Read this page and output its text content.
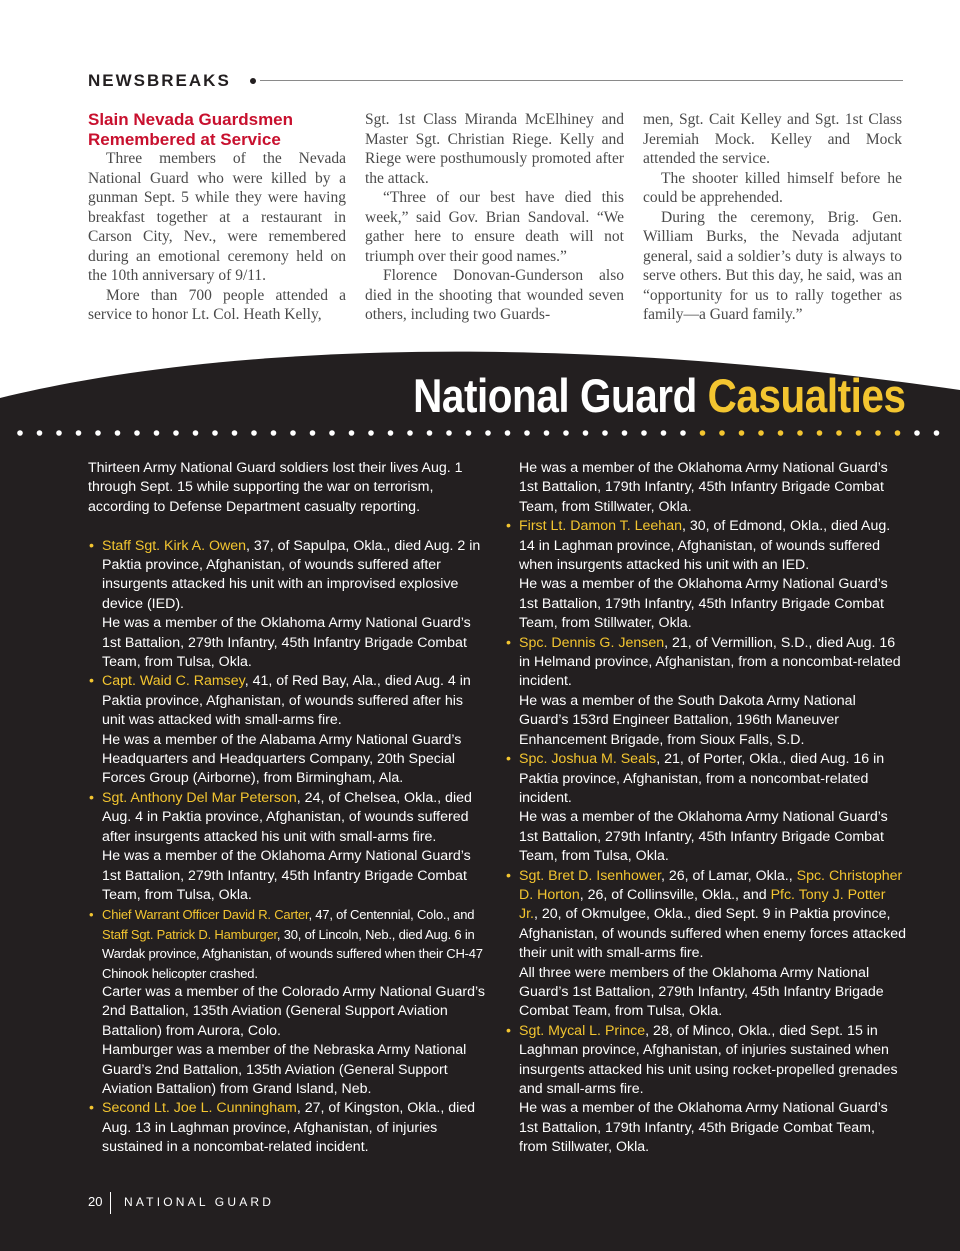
NEWSBREAKS
Slain Nevada Guardsmen
Remembered at Service

Three members of the Nevada National Guard who were killed by a gunman Sept. 5 while they were having breakfast together at a restaurant in Carson City, Nev., were remembered during an emotional ceremony held on the 10th anniversary of 9/11.

More than 700 people attended a service to honor Lt. Col. Heath Kelly,

Sgt. 1st Class Miranda McElhiney and Master Sgt. Christian Riege. Kelly and Riege were posthumously promoted after the attack.

“Three of our best have died this week,” said Gov. Brian Sandoval. “We gather here to ensure death will not triumph over their good names.”

Florence Donovan-Gunderson also died in the shooting that wounded seven others, including two Guards-

men, Sgt. Cait Kelley and Sgt. 1st Class Jeremiah Mock. Kelley and Mock attended the service.

The shooter killed himself before he could be apprehended.

During the ceremony, Brig. Gen. William Burks, the Nevada adjutant general, said a soldier’s duty is always to serve others. But this day, he said, was an “opportunity for us to rally together as family—a Guard family.”

National Guard Casualties

Thirteen Army National Guard soldiers lost their lives Aug. 1 through Sept. 15 while supporting the war on terrorism, according to Defense Department casualty reporting.

• Staff Sgt. Kirk A. Owen, 37, of Sapulpa, Okla., died Aug. 2 in Paktia province, Afghanistan, of wounds suffered after insurgents attacked his unit with an improvised explosive device (IED).

He was a member of the Oklahoma Army National Guard’s 1st Battalion, 279th Infantry, 45th Infantry Brigade Combat Team, from Tulsa, Okla.

• Capt. Waid C. Ramsey, 41, of Red Bay, Ala., died Aug. 4 in Paktia province, Afghanistan, of wounds suffered after his unit was attacked with small-arms fire.

He was a member of the Alabama Army National Guard’s Headquarters and Headquarters Company, 20th Special Forces Group (Airborne), from Birmingham, Ala.

• Sgt. Anthony Del Mar Peterson, 24, of Chelsea, Okla., died Aug. 4 in Paktia province, Afghanistan, of wounds suffered after insurgents attacked his unit with small-arms fire.

He was a member of the Oklahoma Army National Guard’s 1st Battalion, 279th Infantry, 45th Infantry Brigade Combat Team, from Tulsa, Okla.

• Chief Warrant Officer David R. Carter, 47, of Centennial, Colo., and Staff Sgt. Patrick D. Hamburger, 30, of Lincoln, Neb., died Aug. 6 in Wardak province, Afghanistan, of wounds suffered when their CH-47 Chinook helicopter crashed.

Carter was a member of the Colorado Army National Guard’s 2nd Battalion, 135th Aviation (General Support Aviation Battalion) from Aurora, Colo.

Hamburger was a member of the Nebraska Army National Guard’s 2nd Battalion, 135th Aviation (General Support Aviation Battalion) from Grand Island, Neb.

• Second Lt. Joe L. Cunningham, 27, of Kingston, Okla., died Aug. 13 in Laghman province, Afghanistan, of injuries sustained in a noncombat-related incident.

He was a member of the Oklahoma Army National Guard’s 1st Battalion, 179th Infantry, 45th Infantry Brigade Combat Team, from Stillwater, Okla.

• First Lt. Damon T. Leehan, 30, of Edmond, Okla., died Aug. 14 in Laghman province, Afghanistan, of wounds suffered when insurgents attacked his unit with an IED.

He was a member of the Oklahoma Army National Guard’s 1st Battalion, 179th Infantry, 45th Infantry Brigade Combat Team, from Stillwater, Okla.

• Spc. Dennis G. Jensen, 21, of Vermillion, S.D., died Aug. 16 in Helmand province, Afghanistan, from a noncombat-related incident.

He was a member of the South Dakota Army National Guard’s 153rd Engineer Battalion, 196th Maneuver Enhancement Brigade, from Sioux Falls, S.D.

• Spc. Joshua M. Seals, 21, of Porter, Okla., died Aug. 16 in Paktia province, Afghanistan, from a noncombat-related incident.

He was a member of the Oklahoma Army National Guard’s 1st Battalion, 279th Infantry, 45th Infantry Brigade Combat Team, from Tulsa, Okla.

• Sgt. Bret D. Isenhower, 26, of Lamar, Okla., Spc. Christopher D. Horton, 26, of Collinsville, Okla., and Pfc. Tony J. Potter Jr., 20, of Okmulgee, Okla., died Sept. 9 in Paktia province, Afghanistan, of wounds suffered when enemy forces attacked their unit with small-arms fire.

All three were members of the Oklahoma Army National Guard’s 1st Battalion, 279th Infantry, 45th Infantry Brigade Combat Team, from Tulsa, Okla.

• Sgt. Mycal L. Prince, 28, of Minco, Okla., died Sept. 15 in Laghman province, Afghanistan, of injuries sustained when insurgents attacked his unit using rocket-propelled grenades and small-arms fire.

He was a member of the Oklahoma Army National Guard’s 1st Battalion, 179th Infantry, 45th Brigade Combat Team, from Stillwater, Okla.

20 NATIONAL GUARD
